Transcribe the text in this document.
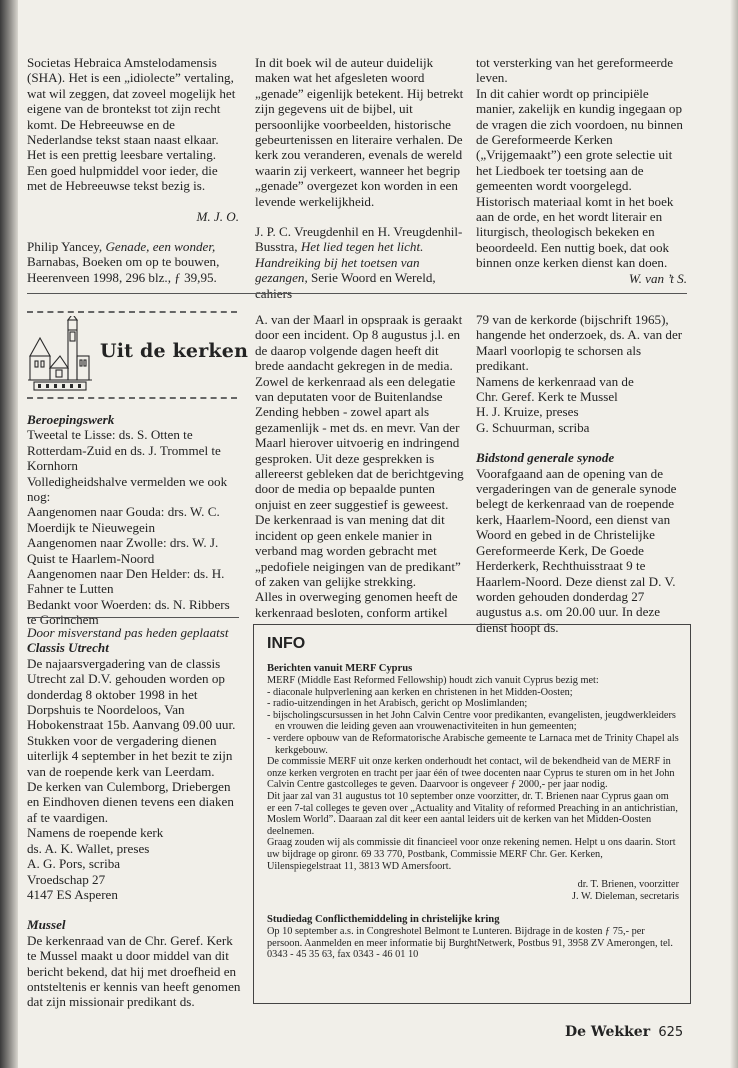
Societas Hebraica Amstelodamensis (SHA). Het is een „idiolecte” vertaling, wat wil zeggen, dat zoveel mogelijk het eigene van de brontekst tot zijn recht komt. De Hebreeuwse en de Nederlandse tekst staan naast elkaar. Het is een prettig leesbare vertaling. Een goed hulpmiddel voor ieder, die met de Hebreeuwse tekst bezig is.

M. J. O.

Philip Yancey, Genade, een wonder, Barnabas, Boeken om op te bouwen, Heerenveen 1998, 296 blz., ƒ 39,95.

In dit boek wil de auteur duidelijk maken wat het afgesleten woord „genade” eigenlijk betekent. Hij betrekt zijn gegevens uit de bijbel, uit persoonlijke voorbeelden, historische gebeurtenissen en literaire verhalen. De kerk zou veranderen, evenals de wereld waarin zij verkeert, wanneer het begrip „genade” overgezet kon worden in een levende werkelijkheid.

J. P. C. Vreugdenhil en H. Vreugdenhil-Busstra, Het lied tegen het licht. Handreiking bij het toetsen van gezangen, Serie Woord en Wereld, cahiers

tot versterking van het gereformeerde leven.

In dit cahier wordt op principiële manier, zakelijk en kundig ingegaan op de vragen die zich voordoen, nu binnen de Gereformeerde Kerken („Vrijgemaakt”) een grote selectie uit het Liedboek ter toetsing aan de gemeenten wordt voorgelegd. Historisch materiaal komt in het boek aan de orde, en het wordt literair en liturgisch, theologisch bekeken en beoordeeld. Een nuttig boek, dat ook binnen onze kerken dienst kan doen.

W. van ’t S.

Uit de kerken

Beroepingswerk

Tweetal te Lisse: ds. S. Otten te Rotterdam-Zuid en ds. J. Trommel te Kornhorn

Volledigheidshalve vermelden we ook nog:

Aangenomen naar Gouda: drs. W. C. Moerdijk te Nieuwegein

Aangenomen naar Zwolle: drs. W. J. Quist te Haarlem-Noord

Aangenomen naar Den Helder: ds. H. Fahner te Lutten

Bedankt voor Woerden: ds. N. Ribbers te Gorinchem

Door misverstand pas heden geplaatst

Classis Utrecht

De najaarsvergadering van de classis Utrecht zal D.V. gehouden worden op donderdag 8 oktober 1998 in het Dorpshuis te Noordeloos, Van Hobokenstraat 15b. Aanvang 09.00 uur. Stukken voor de vergadering dienen uiterlijk 4 september in het bezit te zijn van de roepende kerk van Leerdam.

De kerken van Culemborg, Driebergen en Eindhoven dienen tevens een diaken af te vaardigen.

Namens de roepende kerk

ds. A. K. Wallet, preses

A. G. Pors, scriba

Vroedschap 27

4147 ES Asperen

Mussel

De kerkenraad van de Chr. Geref. Kerk te Mussel maakt u door middel van dit bericht bekend, dat hij met droefheid en ontsteltenis er kennis van heeft genomen dat zijn missionair predikant ds.

A. van der Maarl in opspraak is geraakt door een incident. Op 8 augustus j.l. en de daarop volgende dagen heeft dit brede aandacht gekregen in de media.

Zowel de kerkenraad als een delegatie van deputaten voor de Buitenlandse Zending hebben - zowel apart als gezamenlijk - met ds. en mevr. Van der Maarl hierover uitvoerig en indringend gesproken. Uit deze gesprekken is allereerst gebleken dat de berichtgeving door de media op bepaalde punten onjuist en zeer suggestief is geweest.

De kerkenraad is van mening dat dit incident op geen enkele manier in verband mag worden gebracht met „pedofiele neigingen van de predikant” of zaken van gelijke strekking.

Alles in overweging genomen heeft de kerkenraad besloten, conform artikel

79 van de kerkorde (bijschrift 1965), hangende het onderzoek, ds. A. van der Maarl voorlopig te schorsen als predikant.

Namens de kerkenraad van de

Chr. Geref. Kerk te Mussel

H. J. Kruize, preses

G. Schuurman, scriba

Bidstond generale synode

Voorafgaand aan de opening van de vergaderingen van de generale synode belegt de kerkenraad van de roepende kerk, Haarlem-Noord, een dienst van Woord en gebed in de Christelijke Gereformeerde Kerk, De Goede Herderkerk, Rechthuisstraat 9 te Haarlem-Noord. Deze dienst zal D. V. worden gehouden donderdag 27 augustus a.s. om 20.00 uur. In deze dienst hoopt ds.

INFO

Berichten vanuit MERF Cyprus

MERF (Middle East Reformed Fellowship) houdt zich vanuit Cyprus bezig met:

- diaconale hulpverlening aan kerken en christenen in het Midden-Oosten;

- radio-uitzendingen in het Arabisch, gericht op Moslimlanden;

- bijscholingscursussen in het John Calvin Centre voor predikanten, evangelisten, jeugdwerkleiders en vrouwen die leiding geven aan vrouwenactiviteiten in hun gemeenten;

- verdere opbouw van de Reformatorische Arabische gemeente te Larnaca met de Trinity Chapel als kerkgebouw.

De commissie MERF uit onze kerken onderhoudt het contact, wil de bekendheid van de MERF in onze kerken vergroten en tracht per jaar één of twee docenten naar Cyprus te sturen om in het John Calvin Centre gastcolleges te geven. Daarvoor is ongeveer ƒ 2000,- per jaar nodig.

Dit jaar zal van 31 augustus tot 10 september onze voorzitter, dr. T. Brienen naar Cyprus gaan om er een 7-tal colleges te geven over „Actuality and Vitality of reformed Preaching in an antichristian, Moslem World”. Daaraan zal dit keer een aantal leiders uit de kerken van het Midden-Oosten deelnemen.

Graag zouden wij als commissie dit financieel voor onze rekening nemen. Helpt u ons daarin. Stort uw bijdrage op gironr. 69 33 770, Postbank, Commissie MERF Chr. Ger. Kerken, Uilenspiegelstraat 11, 3813 WD Amersfoort.

dr. T. Brienen, voorzitter

J. W. Dieleman, secretaris

Studiedag Conflicthemiddeling in christelijke kring

Op 10 september a.s. in Congreshotel Belmont te Lunteren. Bijdrage in de kosten ƒ 75,- per persoon. Aanmelden en meer informatie bij BurghtNetwerk, Postbus 91, 3958 ZV Amerongen, tel. 0343 - 45 35 63, fax 0343 - 46 01 10

De Wekker 625
